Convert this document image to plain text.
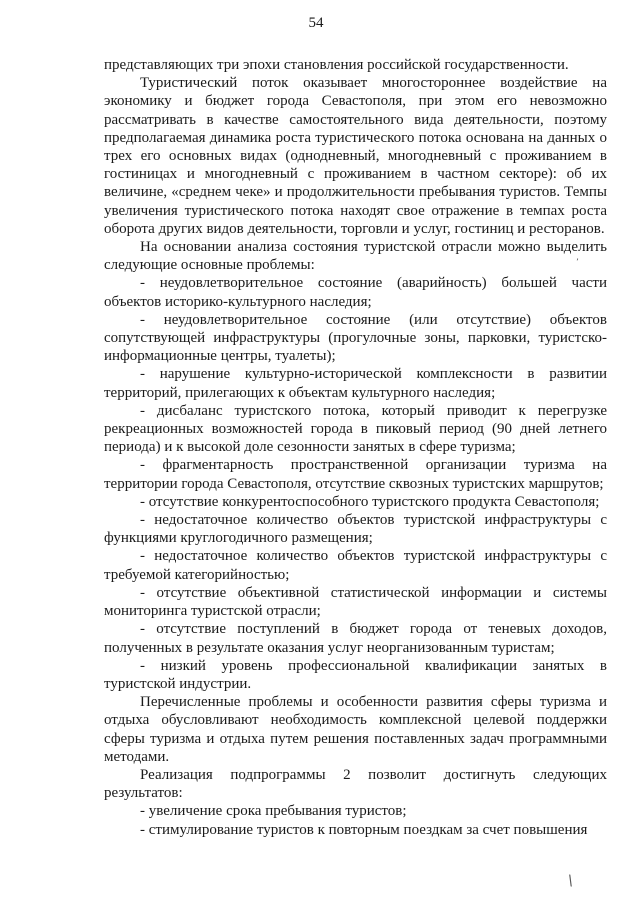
54

представляющих три эпохи становления российской государственности.

Туристический поток оказывает многостороннее воздействие на экономику и бюджет города Севастополя, при этом его невозможно рассматривать в качестве самостоятельного вида деятельности, поэтому предполагаемая динамика роста туристического потока основана на данных о трех его основных видах (однодневный, многодневный с проживанием в гостиницах и многодневный с проживанием в частном секторе): об их величине, «среднем чеке» и продолжительности пребывания туристов. Темпы увеличения туристического потока находят свое отражение в темпах роста оборота других видов деятельности, торговли и услуг, гостиниц и ресторанов.

На основании анализа состояния туристской отрасли можно выделить следующие основные проблемы:

- неудовлетворительное состояние (аварийность) большей части объектов историко-культурного наследия;

- неудовлетворительное состояние (или отсутствие) объектов сопутствующей инфраструктуры (прогулочные зоны, парковки, туристско-информационные центры, туалеты);

- нарушение культурно-исторической комплексности в развитии территорий, прилегающих к объектам культурного наследия;

- дисбаланс туристского потока, который приводит к перегрузке рекреационных возможностей города в пиковый период (90 дней летнего периода) и к высокой доле сезонности занятых в сфере туризма;

- фрагментарность пространственной организации туризма на территории города Севастополя, отсутствие сквозных туристских маршрутов;

- отсутствие конкурентоспособного туристского продукта Севастополя;

- недостаточное количество объектов туристской инфраструктуры с функциями круглогодичного размещения;

- недостаточное количество объектов туристской инфраструктуры с требуемой категорийностью;

- отсутствие объективной статистической информации и системы мониторинга туристской отрасли;

- отсутствие поступлений в бюджет города от теневых доходов, полученных в результате оказания услуг неорганизованным туристам;

- низкий уровень профессиональной квалификации занятых в туристской индустрии.

Перечисленные проблемы и особенности развития сферы туризма и отдыха обусловливают необходимость комплексной целевой поддержки сферы туризма и отдыха путем решения поставленных задач программными методами.

Реализация подпрограммы 2 позволит достигнуть следующих результатов:

- увеличение срока пребывания туристов;

- стимулирование туристов к повторным поездкам за счет повышения

ʼ
\
